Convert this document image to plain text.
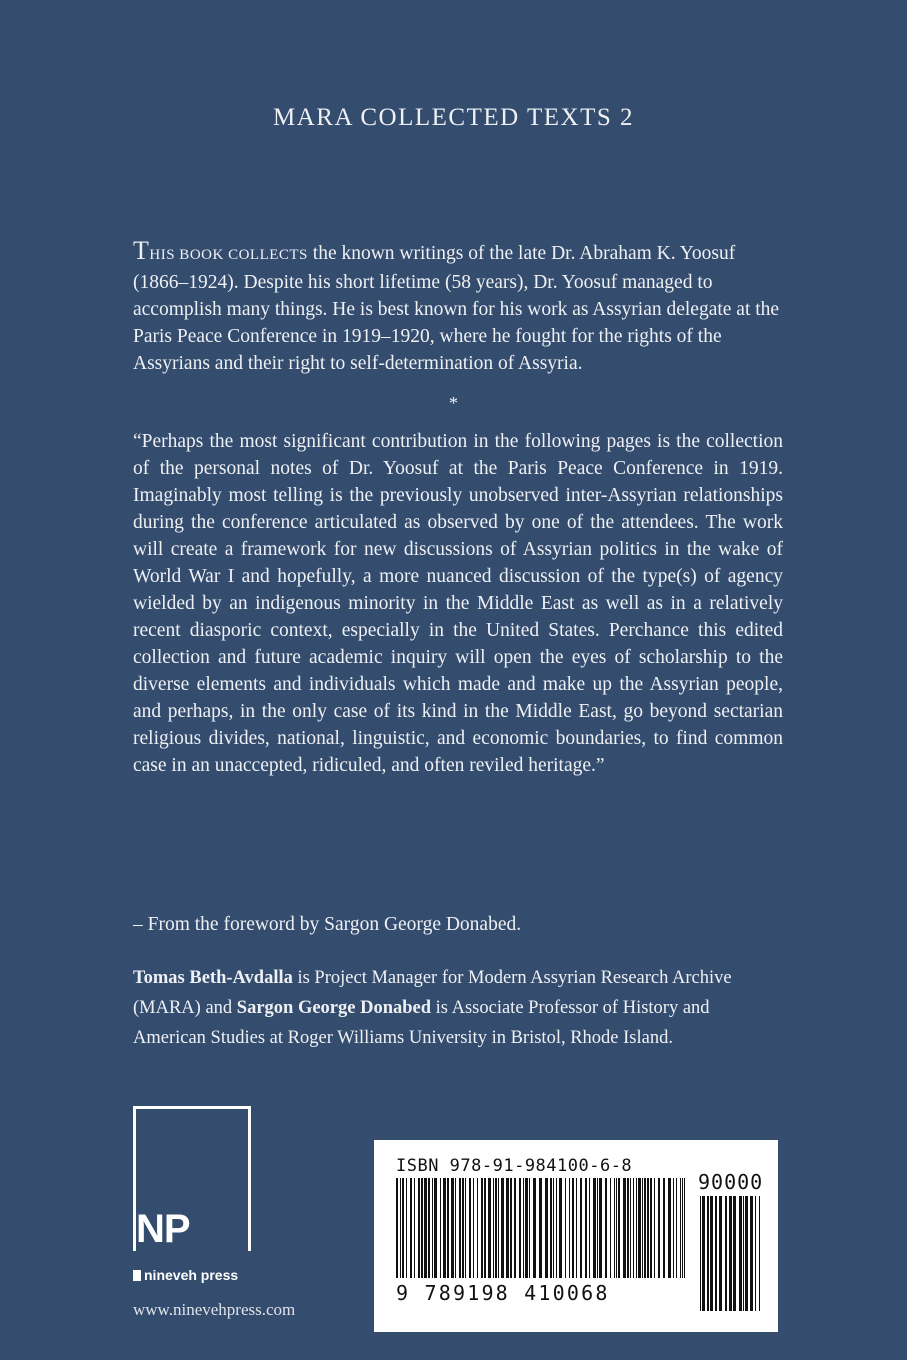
MARA COLLECTED TEXTS 2
THIS BOOK COLLECTS the known writings of the late Dr. Abraham K. Yoosuf (1866–1924). Despite his short lifetime (58 years), Dr. Yoosuf managed to accomplish many things. He is best known for his work as Assyrian delegate at the Paris Peace Conference in 1919–1920, where he fought for the rights of the Assyrians and their right to self-determination of Assyria.
*
“Perhaps the most significant contribution in the following pages is the collection of the personal notes of Dr. Yoosuf at the Paris Peace Conference in 1919. Imaginably most telling is the previously unobserved inter-Assyrian relationships during the conference articulated as observed by one of the attendees. The work will create a framework for new discussions of Assyrian politics in the wake of World War I and hopefully, a more nuanced discussion of the type(s) of agency wielded by an indigenous minority in the Middle East as well as in a relatively recent diasporic context, especially in the United States. Perchance this edited collection and future academic inquiry will open the eyes of scholarship to the diverse elements and individuals which made and make up the Assyrian people, and perhaps, in the only case of its kind in the Middle East, go beyond sectarian religious divides, national, linguistic, and economic boundaries, to find common case in an unaccepted, ridiculed, and often reviled heritage.”
– From the foreword by Sargon George Donabed.
Tomas Beth-Avdalla is Project Manager for Modern Assyrian Research Archive (MARA) and Sargon George Donabed is Associate Professor of History and American Studies at Roger Williams University in Bristol, Rhode Island.
NP
nineveh press
www.ninevehpress.com
ISBN 978-91-984100-6-8
9 789198 410068
90000
